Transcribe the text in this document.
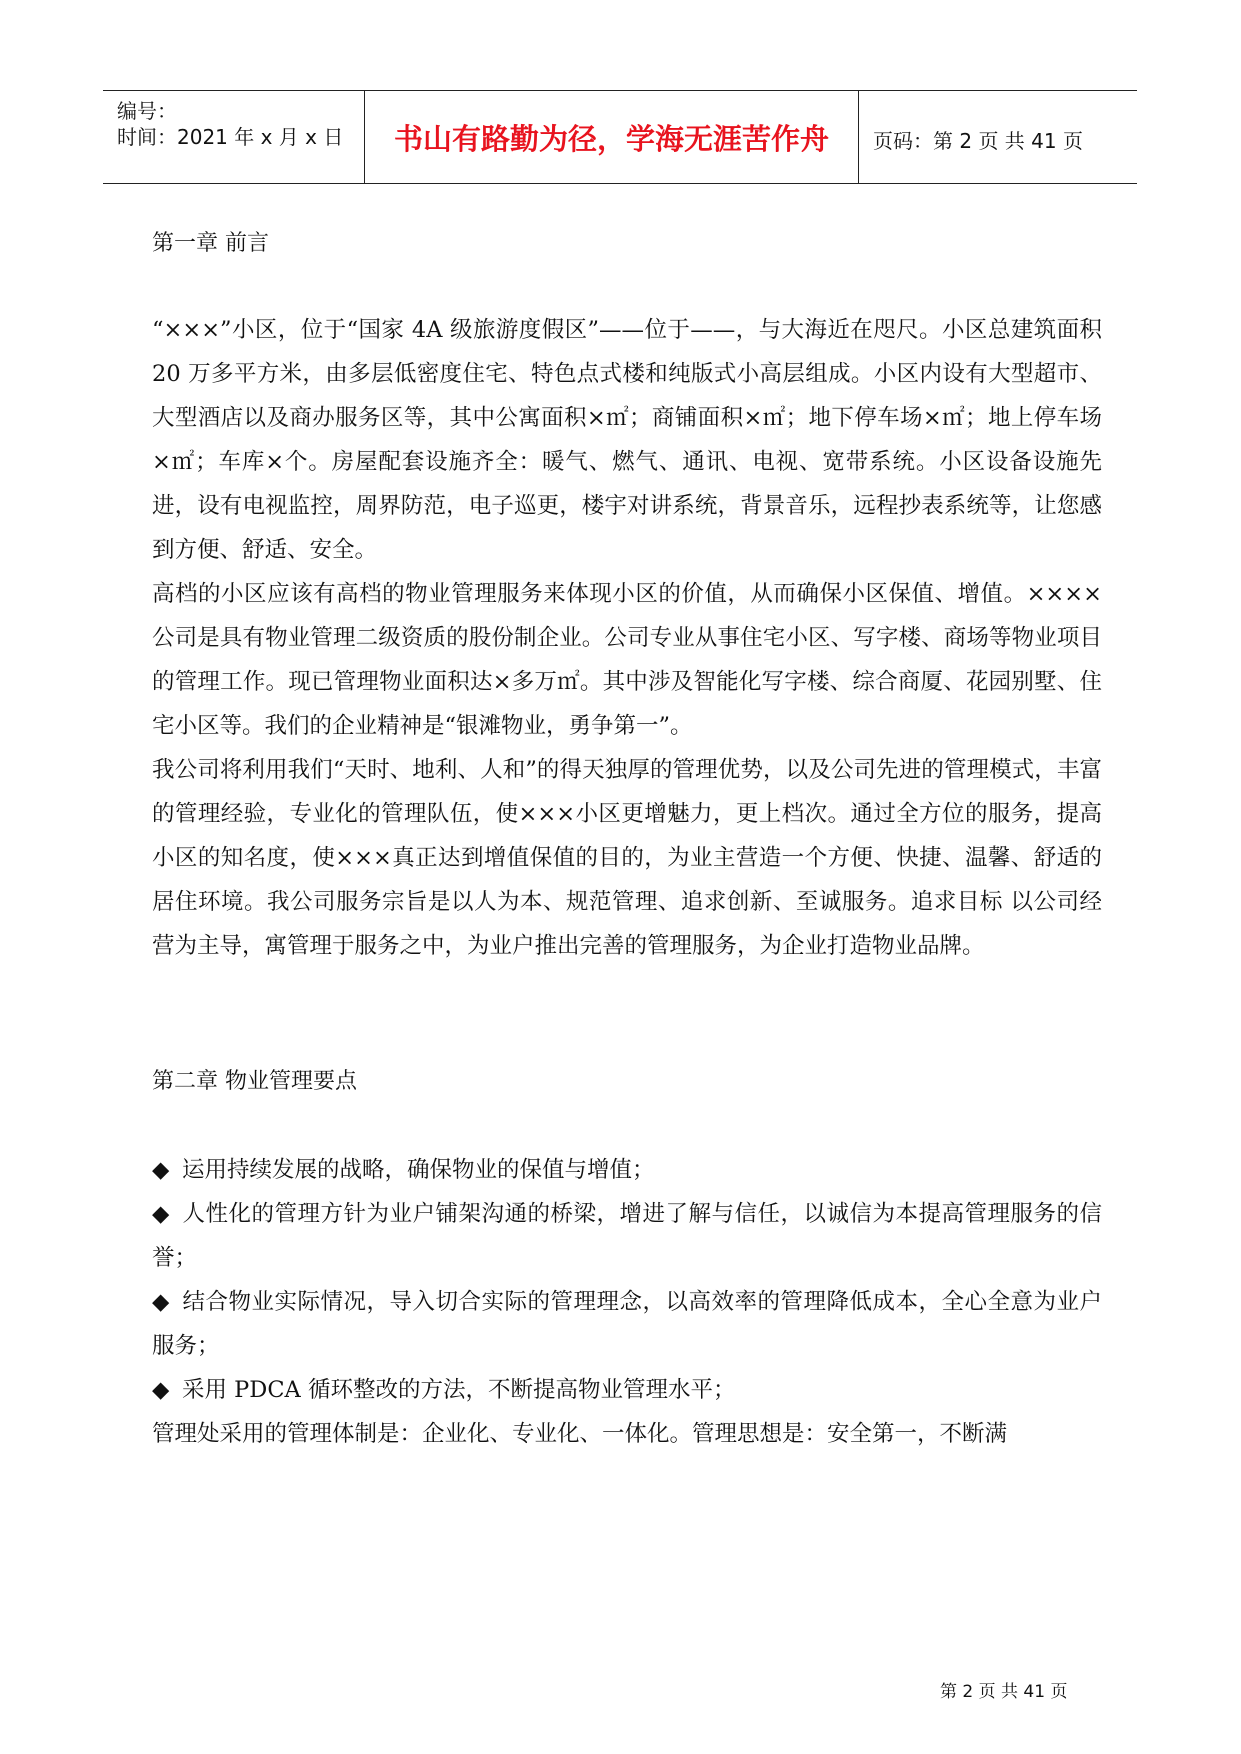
编号：
时间：2021 年 x 月 x 日	书山有路勤为径，学海无涯苦作舟	页码：第 2 页 共 41 页
第一章 前言

“×××”小区，位于“国家 4A 级旅游度假区”——位于——，与大海近在咫尺。小区总建筑面积 20 万多平方米，由多层低密度住宅、特色点式楼和纯版式小高层组成。小区内设有大型超市、大型酒店以及商办服务区等，其中公寓面积×㎡；商铺面积×㎡；地下停车场×㎡；地上停车场×㎡；车库×个。房屋配套设施齐全：暖气、燃气、通讯、电视、宽带系统。小区设备设施先进，设有电视监控，周界防范，电子巡更，楼宇对讲系统，背景音乐，远程抄表系统等，让您感到方便、舒适、安全。

高档的小区应该有高档的物业管理服务来体现小区的价值，从而确保小区保值、增值。××××公司是具有物业管理二级资质的股份制企业。公司专业从事住宅小区、写字楼、商场等物业项目的管理工作。现已管理物业面积达×多万㎡。其中涉及智能化写字楼、综合商厦、花园别墅、住宅小区等。我们的企业精神是“银滩物业，勇争第一”。

我公司将利用我们“天时、地利、人和”的得天独厚的管理优势，以及公司先进的管理模式，丰富的管理经验，专业化的管理队伍，使×××小区更增魅力，更上档次。通过全方位的服务，提高小区的知名度，使×××真正达到增值保值的目的，为业主营造一个方便、快捷、温馨、舒适的居住环境。我公司服务宗旨是以人为本、规范管理、追求创新、至诚服务。追求目标 以公司经营为主导，寓管理于服务之中，为业户推出完善的管理服务，为企业打造物业品牌。

第二章 物业管理要点

◆ 运用持续发展的战略，确保物业的保值与增值；

◆ 人性化的管理方针为业户铺架沟通的桥梁，增进了解与信任，以诚信为本提高管理服务的信誉；

◆ 结合物业实际情况，导入切合实际的管理理念，以高效率的管理降低成本，全心全意为业户服务；

◆ 采用 PDCA 循环整改的方法，不断提高物业管理水平；

管理处采用的管理体制是：企业化、专业化、一体化。管理思想是：安全第一，不断满

第 2 页 共 41 页
